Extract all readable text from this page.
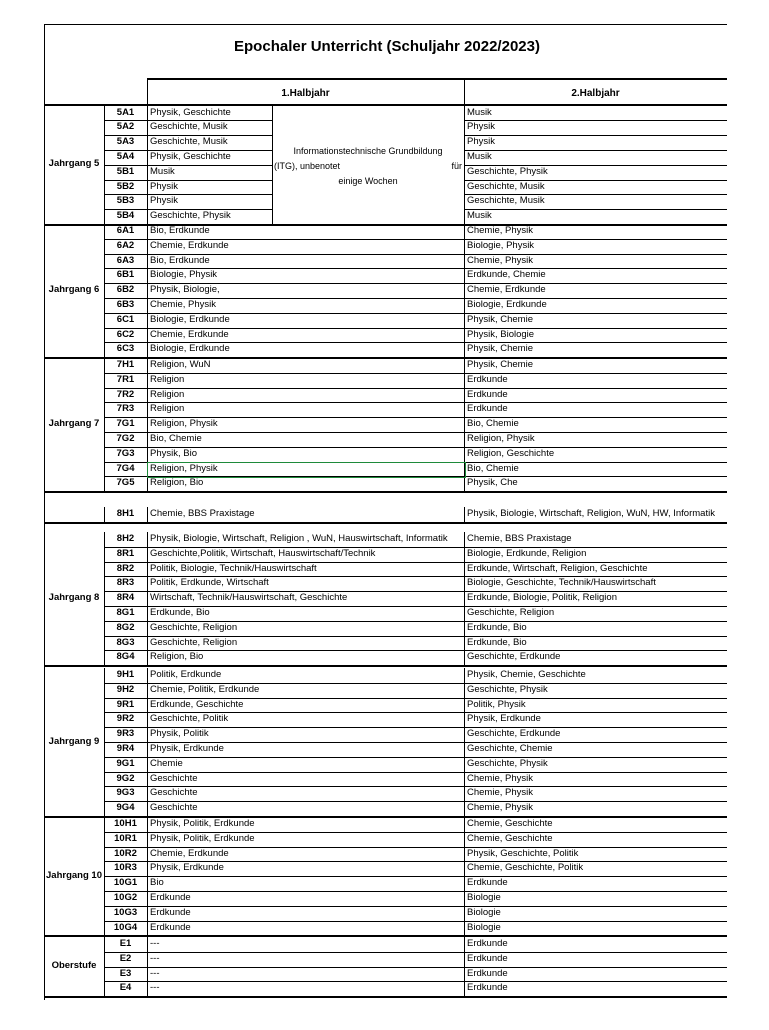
Epochaler Unterricht (Schuljahr 2022/2023)
1.Halbjahr	2.Halbjahr
Informationstechnische Grundbildung
(ITG), unbenotet	für
einige Wochen
Jahrgang 5
5A1	Physik, Geschichte	Musik
5A2	Geschichte, Musik	Physik
5A3	Geschichte, Musik	Physik
5A4	Physik, Geschichte	Musik
5B1	Musik	Geschichte, Physik
5B2	Physik	Geschichte, Musik
5B3	Physik	Geschichte, Musik
5B4	Geschichte, Physik	Musik
Jahrgang 6
6A1	Bio, Erdkunde	Chemie, Physik
6A2	Chemie, Erdkunde	Biologie, Physik
6A3	Bio, Erdkunde	Chemie, Physik
6B1	Biologie, Physik	Erdkunde, Chemie
6B2	Physik, Biologie,	Chemie, Erdkunde
6B3	Chemie, Physik	Biologie, Erdkunde
6C1	Biologie, Erdkunde	Physik, Chemie
6C2	Chemie, Erdkunde	Physik, Biologie
6C3	Biologie, Erdkunde	Physik, Chemie
Jahrgang 7
7H1	Religion, WuN	Physik, Chemie
7R1	Religion	Erdkunde
7R2	Religion	Erdkunde
7R3	Religion	Erdkunde
7G1	Religion, Physik	Bio, Chemie
7G2	Bio, Chemie	Religion, Physik
7G3	Physik, Bio	Religion, Geschichte
7G4	Religion, Physik	Bio, Chemie
7G5	Religion, Bio	Physik, Che
8H1	Chemie, BBS Praxistage	Physik, Biologie, Wirtschaft, Religion, WuN, HW, Informatik
Jahrgang 8
8H2	Physik, Biologie, Wirtschaft, Religion , WuN, Hauswirtschaft, Informatik	Chemie, BBS Praxistage
8R1	Geschichte,Politik, Wirtschaft, Hauswirtschaft/Technik	Biologie, Erdkunde, Religion
8R2	Politik, Biologie, Technik/Hauswirtschaft	Erdkunde, Wirtschaft, Religion, Geschichte
8R3	Politik, Erdkunde, Wirtschaft	Biologie, Geschichte, Technik/Hauswirtschaft
8R4	Wirtschaft, Technik/Hauswirtschaft, Geschichte	Erdkunde, Biologie, Politik, Religion
8G1	Erdkunde, Bio	Geschichte, Religion
8G2	Geschichte, Religion	Erdkunde, Bio
8G3	Geschichte, Religion	Erdkunde, Bio
8G4	Religion, Bio	Geschichte, Erdkunde
Jahrgang 9
9H1	Politik, Erdkunde	Physik, Chemie, Geschichte
9H2	Chemie, Politik, Erdkunde	Geschichte, Physik
9R1	Erdkunde, Geschichte	Politik, Physik
9R2	Geschichte, Politik	Physik, Erdkunde
9R3	Physik, Politik	Geschichte, Erdkunde
9R4	Physik, Erdkunde	Geschichte, Chemie
9G1	Chemie	Geschichte, Physik
9G2	Geschichte	Chemie, Physik
9G3	Geschichte	Chemie, Physik
9G4	Geschichte	Chemie, Physik
Jahrgang 10
10H1	Physik, Politik, Erdkunde	Chemie, Geschichte
10R1	Physik, Politik, Erdkunde	Chemie, Geschichte
10R2	Chemie, Erdkunde	Physik, Geschichte, Politik
10R3	Physik, Erdkunde	Chemie, Geschichte, Politik
10G1	Bio	Erdkunde
10G2	Erdkunde	Biologie
10G3	Erdkunde	Biologie
10G4	Erdkunde	Biologie
Oberstufe
E1	---	Erdkunde
E2	---	Erdkunde
E3	---	Erdkunde
E4	---	Erdkunde
